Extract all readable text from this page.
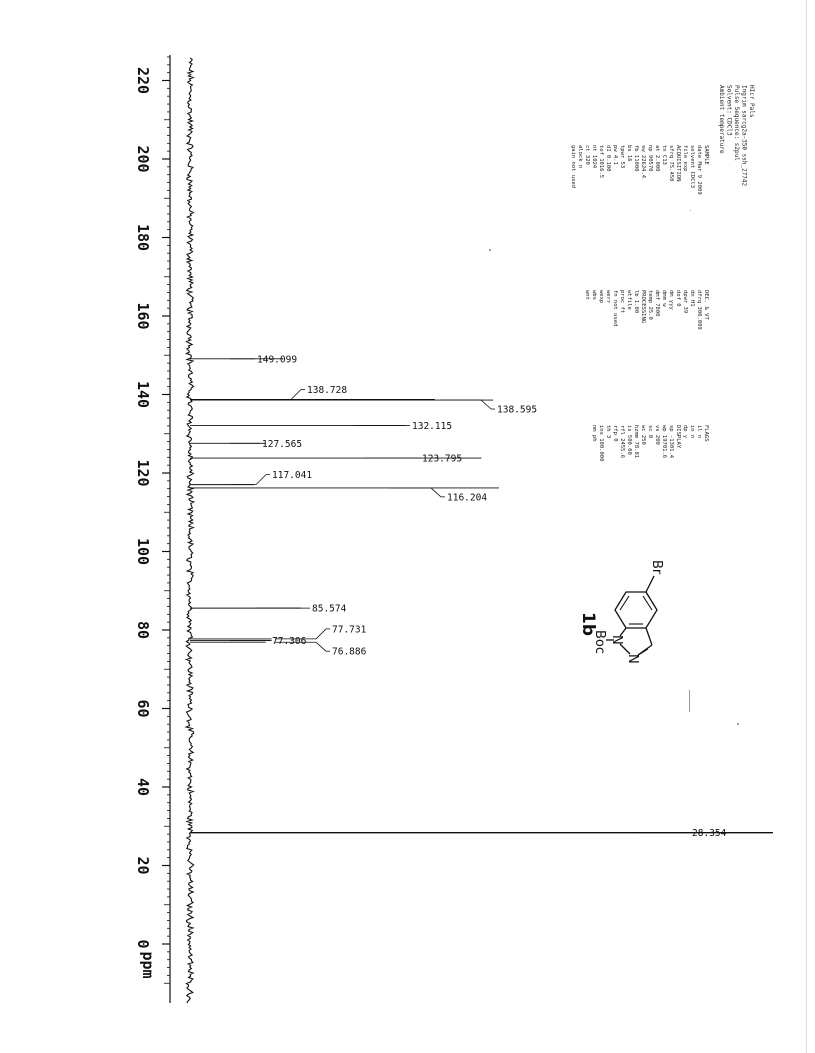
0
20
40
60
80
100
120
140
160
180
200
220
ppm
149.099
138.728
138.595
132.115
127.565
123.795
117.041
116.204
85.574
77.731
77.306
76.886
28.354
HIcr Pals
Ingrim sarcg2a-350 ssh_27742
Pulse Sequence: s2pul
Solvent: CDCl3
Ambient temperature
SAMPLE
date Mar 9 2009
solvent CDCl3
file exp
ACQUISITION
sfrq 75.450
tn C13
at 2.000
np 90570
sw 22624.4
fb 11000
bs 16
tpwr 53
pw 4.1
d1 0.100
tof 1016.5
nt 1024
ct 320
alock n
gain not used
DEC. & VT
dfrq 300.089
dn H1
dpwr 39
dof 0
dm yyy
dmm w
dmf 7800
temp 25.0
PROCESSING
lb 1.00
wtfile
proc ft
fn not used
werr
wexp
wbs
wnt
FLAGS
il n
in n
dp y
DISPLAY
sp -1301.4
wp 19701.6
vs 200
sc 0
wc 250
hzmm 78.81
is 500.00
rfl 2455.6
rfp 0
th 3
ins 100.000
nm ph
1b
Br
N
N
Boc
